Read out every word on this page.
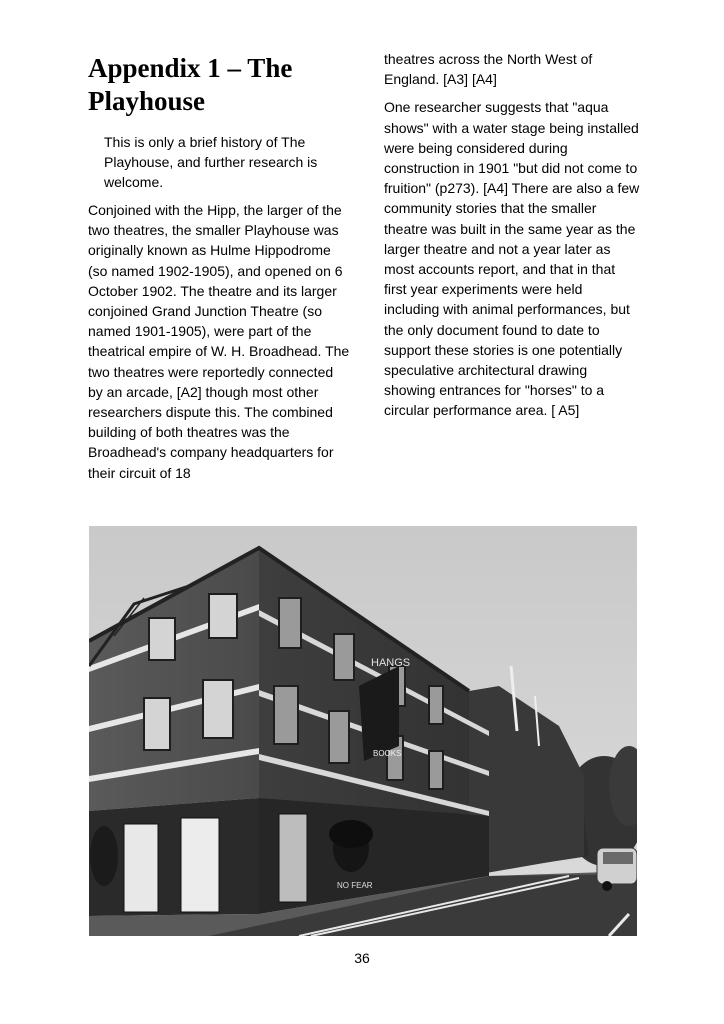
Appendix 1 – The Playhouse

This is only a brief history of The Playhouse, and further research is welcome.

Conjoined with the Hipp, the larger of the two theatres, the smaller Playhouse was originally known as Hulme Hippodrome (so named 1902-1905), and opened on 6 October 1902. The theatre and its larger conjoined Grand Junction Theatre (so named 1901-1905), were part of the theatrical empire of W. H. Broadhead. The two theatres were reportedly connected by an arcade, [A2] though most other researchers dispute this. The combined building of both theatres was the Broadhead's company headquarters for their circuit of 18

theatres across the North West of England. [A3] [A4]

One researcher suggests that "aqua shows" with a water stage being installed were being considered during construction in 1901 "but did not come to fruition" (p273). [A4] There are also a few community stories that the smaller theatre was built in the same year as the larger theatre and not a year later as most accounts report, and that in that first year experiments were held including with animal performances, but the only document found to date to support these stories is one potentially speculative architectural drawing showing entrances for "horses" to a circular performance area. [ A5]

HANGS
BOOKS
NO FEAR
36
